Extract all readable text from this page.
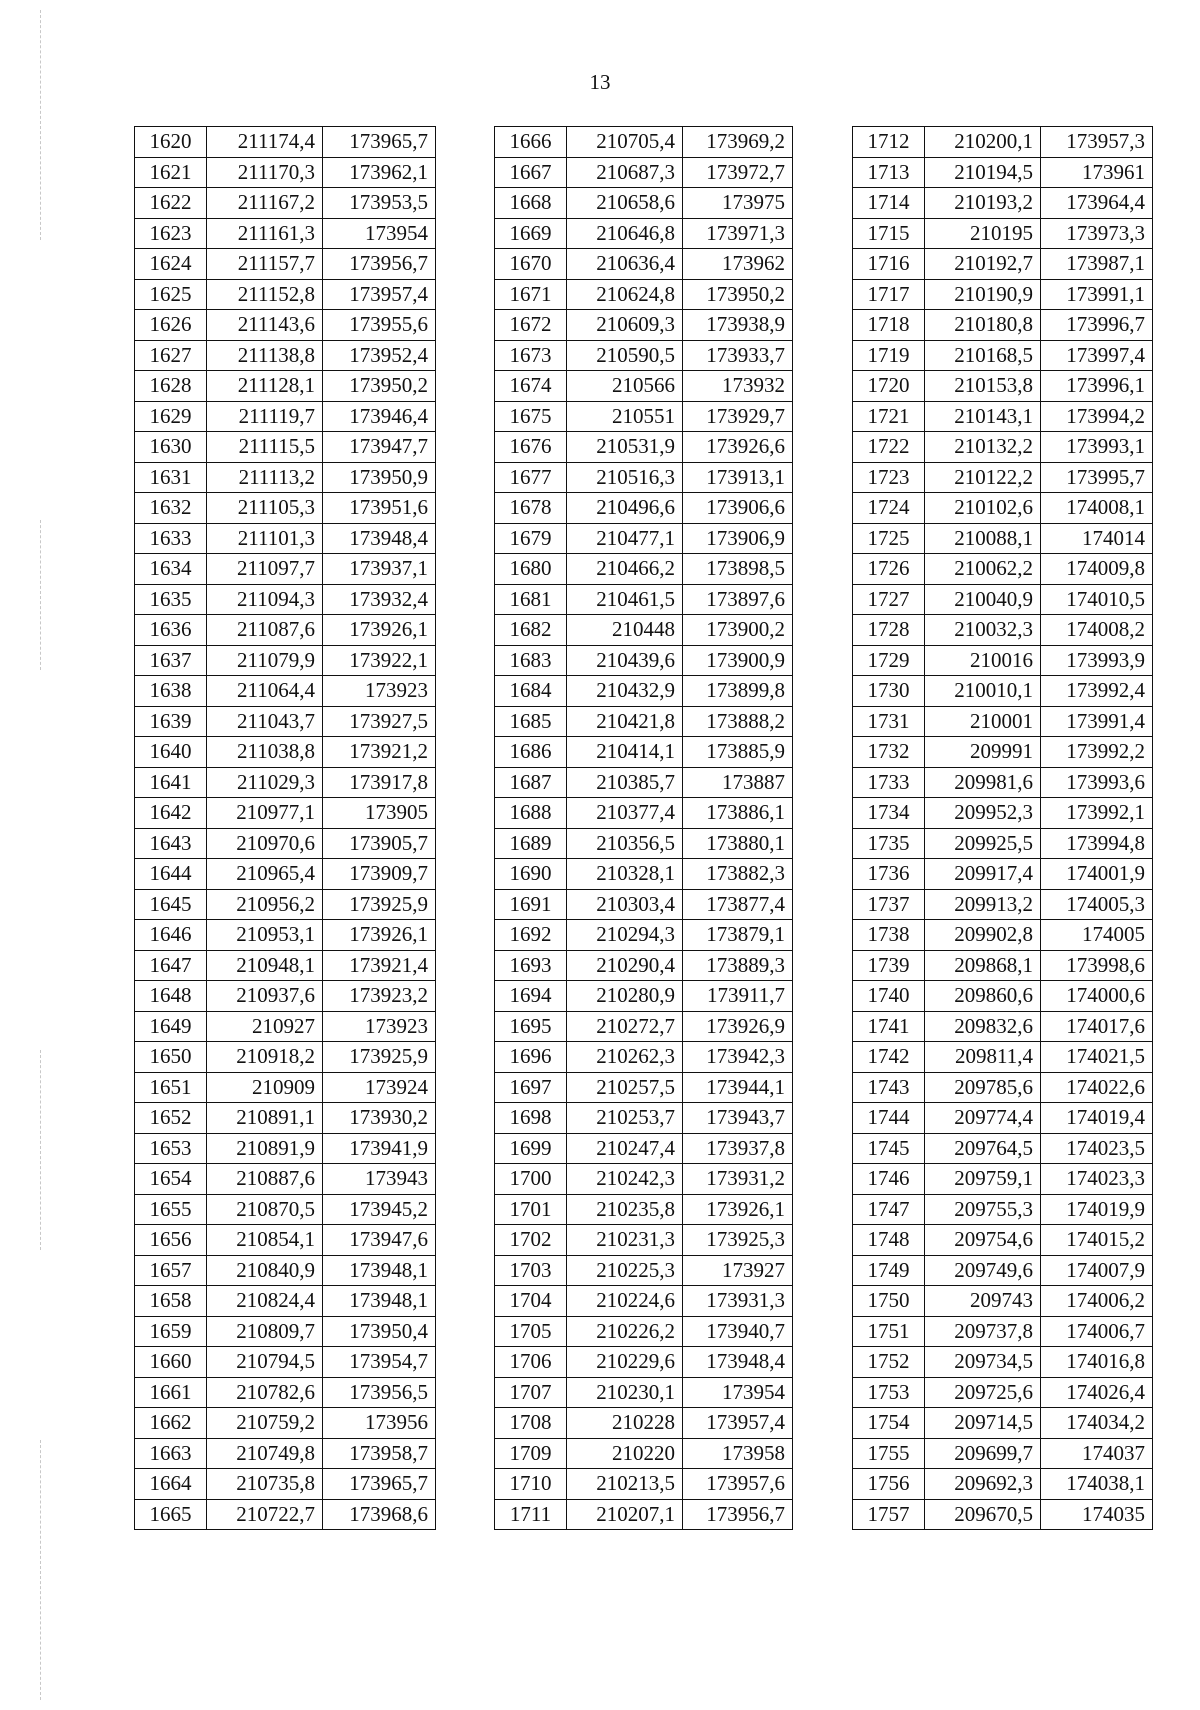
13
1620	211174,4	173965,7
1621	211170,3	173962,1
1622	211167,2	173953,5
1623	211161,3	173954
1624	211157,7	173956,7
1625	211152,8	173957,4
1626	211143,6	173955,6
1627	211138,8	173952,4
1628	211128,1	173950,2
1629	211119,7	173946,4
1630	211115,5	173947,7
1631	211113,2	173950,9
1632	211105,3	173951,6
1633	211101,3	173948,4
1634	211097,7	173937,1
1635	211094,3	173932,4
1636	211087,6	173926,1
1637	211079,9	173922,1
1638	211064,4	173923
1639	211043,7	173927,5
1640	211038,8	173921,2
1641	211029,3	173917,8
1642	210977,1	173905
1643	210970,6	173905,7
1644	210965,4	173909,7
1645	210956,2	173925,9
1646	210953,1	173926,1
1647	210948,1	173921,4
1648	210937,6	173923,2
1649	210927	173923
1650	210918,2	173925,9
1651	210909	173924
1652	210891,1	173930,2
1653	210891,9	173941,9
1654	210887,6	173943
1655	210870,5	173945,2
1656	210854,1	173947,6
1657	210840,9	173948,1
1658	210824,4	173948,1
1659	210809,7	173950,4
1660	210794,5	173954,7
1661	210782,6	173956,5
1662	210759,2	173956
1663	210749,8	173958,7
1664	210735,8	173965,7
1665	210722,7	173968,6
1666	210705,4	173969,2
1667	210687,3	173972,7
1668	210658,6	173975
1669	210646,8	173971,3
1670	210636,4	173962
1671	210624,8	173950,2
1672	210609,3	173938,9
1673	210590,5	173933,7
1674	210566	173932
1675	210551	173929,7
1676	210531,9	173926,6
1677	210516,3	173913,1
1678	210496,6	173906,6
1679	210477,1	173906,9
1680	210466,2	173898,5
1681	210461,5	173897,6
1682	210448	173900,2
1683	210439,6	173900,9
1684	210432,9	173899,8
1685	210421,8	173888,2
1686	210414,1	173885,9
1687	210385,7	173887
1688	210377,4	173886,1
1689	210356,5	173880,1
1690	210328,1	173882,3
1691	210303,4	173877,4
1692	210294,3	173879,1
1693	210290,4	173889,3
1694	210280,9	173911,7
1695	210272,7	173926,9
1696	210262,3	173942,3
1697	210257,5	173944,1
1698	210253,7	173943,7
1699	210247,4	173937,8
1700	210242,3	173931,2
1701	210235,8	173926,1
1702	210231,3	173925,3
1703	210225,3	173927
1704	210224,6	173931,3
1705	210226,2	173940,7
1706	210229,6	173948,4
1707	210230,1	173954
1708	210228	173957,4
1709	210220	173958
1710	210213,5	173957,6
1711	210207,1	173956,7
1712	210200,1	173957,3
1713	210194,5	173961
1714	210193,2	173964,4
1715	210195	173973,3
1716	210192,7	173987,1
1717	210190,9	173991,1
1718	210180,8	173996,7
1719	210168,5	173997,4
1720	210153,8	173996,1
1721	210143,1	173994,2
1722	210132,2	173993,1
1723	210122,2	173995,7
1724	210102,6	174008,1
1725	210088,1	174014
1726	210062,2	174009,8
1727	210040,9	174010,5
1728	210032,3	174008,2
1729	210016	173993,9
1730	210010,1	173992,4
1731	210001	173991,4
1732	209991	173992,2
1733	209981,6	173993,6
1734	209952,3	173992,1
1735	209925,5	173994,8
1736	209917,4	174001,9
1737	209913,2	174005,3
1738	209902,8	174005
1739	209868,1	173998,6
1740	209860,6	174000,6
1741	209832,6	174017,6
1742	209811,4	174021,5
1743	209785,6	174022,6
1744	209774,4	174019,4
1745	209764,5	174023,5
1746	209759,1	174023,3
1747	209755,3	174019,9
1748	209754,6	174015,2
1749	209749,6	174007,9
1750	209743	174006,2
1751	209737,8	174006,7
1752	209734,5	174016,8
1753	209725,6	174026,4
1754	209714,5	174034,2
1755	209699,7	174037
1756	209692,3	174038,1
1757	209670,5	174035
